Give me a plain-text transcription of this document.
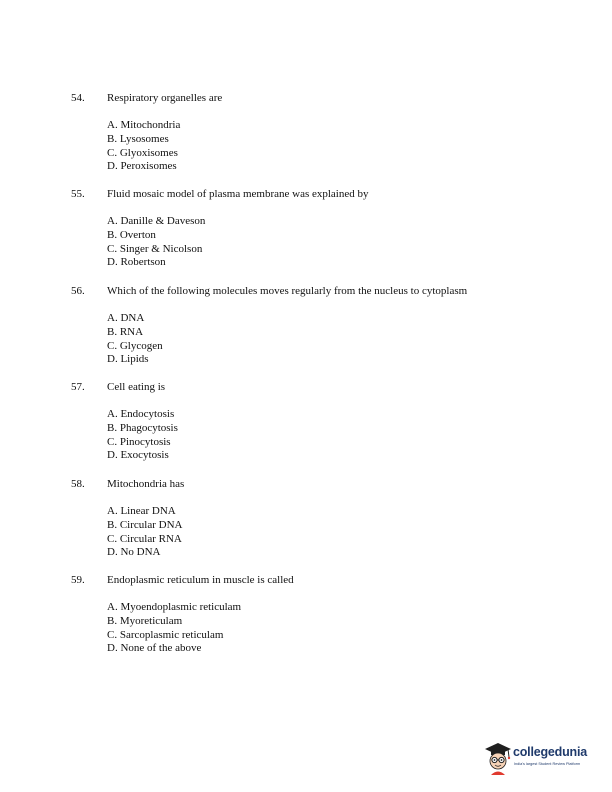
54. Respiratory organelles are
A. Mitochondria
B. Lysosomes
C. Glyoxisomes
D. Peroxisomes
55. Fluid mosaic model of plasma membrane was explained by
A. Danille & Daveson
B. Overton
C. Singer & Nicolson
D. Robertson
56. Which of the following molecules moves regularly from the nucleus to cytoplasm
A. DNA
B. RNA
C. Glycogen
D. Lipids
57. Cell eating is
A. Endocytosis
B. Phagocytosis
C. Pinocytosis
D. Exocytosis
58. Mitochondria has
A. Linear DNA
B. Circular DNA
C. Circular RNA
D. No DNA
59. Endoplasmic reticulum in muscle is called
A. Myoendoplasmic reticulam
B. Myoreticulam
C. Sarcoplasmic reticulam
D. None of the above
collegedunia
India's largest Student Review Platform
